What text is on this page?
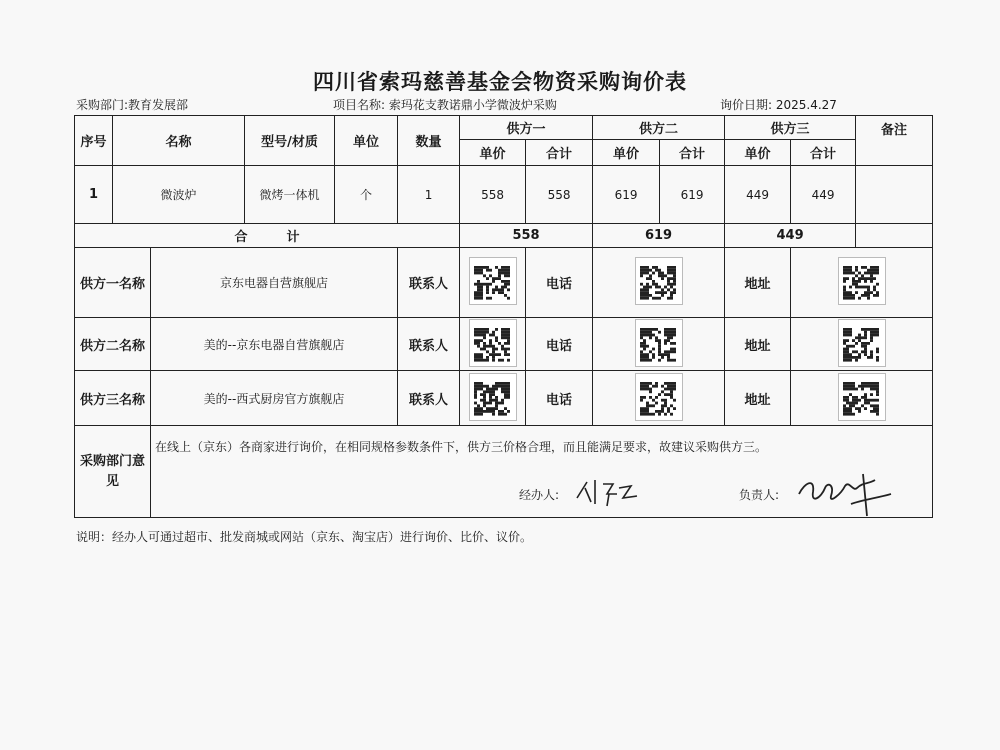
四川省索玛慈善基金会物资采购询价表
采购部门:教育发展部	项目名称: 索玛花支教诺鼎小学微波炉采购	询价日期: 2025.4.27
序号	名称		型号/材质	单位	数量	供方一		供方二		供方三		备注
						单价	合计	单价	合计	单价	合计	
1	微波炉		微烤一体机	个	1	558	558	619	619	449	449	
合　　　计						558		619		449		
供方一名称		京东电器自营旗舰店			联系人		电话			地址	

供方二名称		美的--京东电器自营旗舰店			联系人		电话			地址	

供方三名称		美的--西式厨房官方旗舰店			联系人		电话			地址	

采购部门意见		在线上（京东）各商家进行询价，在相同规格参数条件下，供方三价格合理，而且能满足要求，故建议采购供方三。
经办人: 负责人:										
说明：经办人可通过超市、批发商城或网站（京东、淘宝店）进行询价、比价、议价。
